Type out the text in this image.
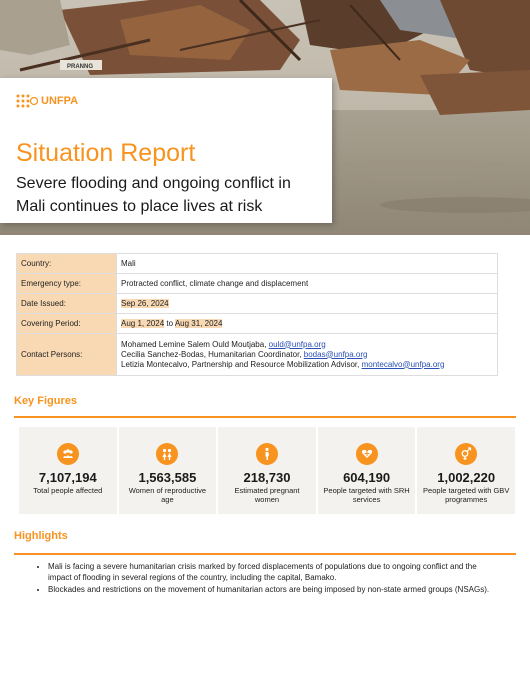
PRANNG
UNFPA
Situation Report
Severe flooding and ongoing conflict in Mali continues to place lives at risk
Country:	Mali
Emergency type:	Protracted conflict, climate change and displacement
Date Issued:	Sep 26, 2024
Covering Period:	Aug 1, 2024 to Aug 31, 2024
Contact Persons:	Mohamed Lemine Salem Ould Moutjaba, ould@unfpa.org
Cecilia Sanchez-Bodas, Humanitarian Coordinator, bodas@unfpa.org
Letizia Montecalvo, Partnership and Resource Mobilization Advisor, montecalvo@unfpa.org
Key Figures
7,107,194
Total people affected
1,563,585
Women of reproductive age
218,730
Estimated pregnant women
604,190
People targeted with SRH services
1,002,220
People targeted with GBV programmes
Highlights
• Mali is facing a severe humanitarian crisis marked by forced displacements of populations due to ongoing conflict and the impact of flooding in several regions of the country, including the capital, Bamako.
• Blockades and restrictions on the movement of humanitarian actors are being imposed by non-state armed groups (NSAGs).
